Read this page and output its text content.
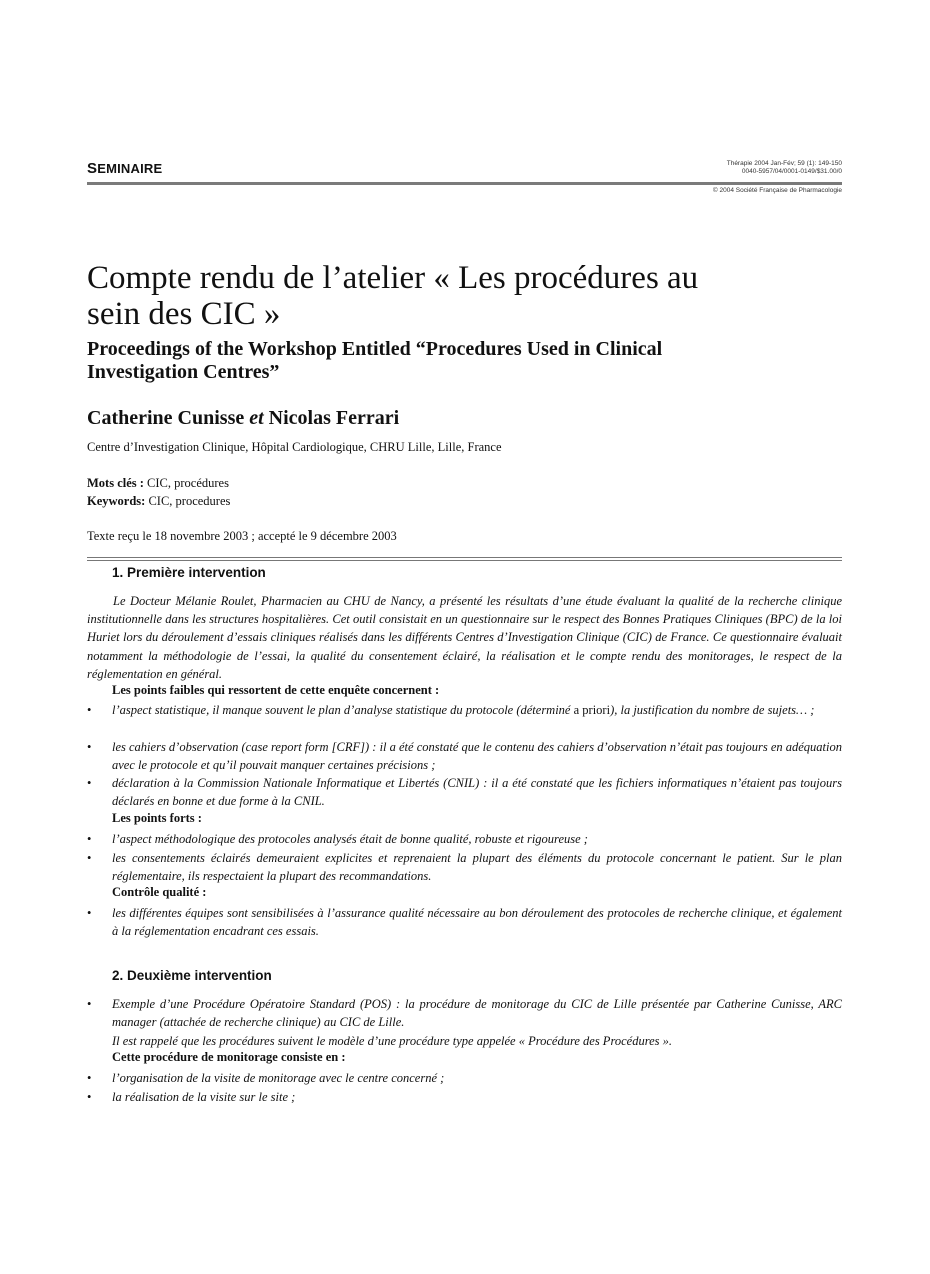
SEMINAIRE	Thérapie 2004 Jan-Fév; 59 (1): 149-150
0040-5957/04/0001-0149/$31.00/0
© 2004 Société Française de Pharmacologie
Compte rendu de l’atelier « Les procédures au
sein des CIC »
Proceedings of the Workshop Entitled “Procedures Used in Clinical
Investigation Centres”
Catherine Cunisse et Nicolas Ferrari
Centre d’Investigation Clinique, Hôpital Cardiologique, CHRU Lille, Lille, France
Mots clés : CIC, procédures
Keywords: CIC, procedures
Texte reçu le 18 novembre 2003 ; accepté le 9 décembre 2003
1. Première intervention
Le Docteur Mélanie Roulet, Pharmacien au CHU de Nancy, a présenté les résultats d’une étude évaluant la qualité de la recherche clinique institutionnelle dans les structures hospitalières. Cet outil consistait en un questionnaire sur le respect des Bonnes Pratiques Cliniques (BPC) de la loi Huriet lors du déroulement d’essais cliniques réalisés dans les différents Centres d’Investigation Clinique (CIC) de France. Ce questionnaire évaluait notamment la méthodologie de l’essai, la qualité du consentement éclairé, la réalisation et le compte rendu des monitorages, le respect de la réglementation en général.
Les points faibles qui ressortent de cette enquête concernent :
• l’aspect statistique, il manque souvent le plan d’analyse statistique du protocole (déterminé a priori), la justification du nombre de sujets… ;
• les cahiers d’observation (case report form [CRF]) : il a été constaté que le contenu des cahiers d’observation n’était pas toujours en adéquation avec le protocole et qu’il pouvait manquer certaines précisions ;
• déclaration à la Commission Nationale Informatique et Libertés (CNIL) : il a été constaté que les fichiers informatiques n’étaient pas toujours déclarés en bonne et due forme à la CNIL.
Les points forts :
• l’aspect méthodologique des protocoles analysés était de bonne qualité, robuste et rigoureuse ;
• les consentements éclairés demeuraient explicites et reprenaient la plupart des éléments du protocole concernant le patient. Sur le plan réglementaire, ils respectaient la plupart des recommandations.
Contrôle qualité :
• les différentes équipes sont sensibilisées à l’assurance qualité nécessaire au bon déroulement des protocoles de recherche clinique, et également à la réglementation encadrant ces essais.
2. Deuxième intervention
• Exemple d’une Procédure Opératoire Standard (POS) : la procédure de monitorage du CIC de Lille présentée par Catherine Cunisse, ARC manager (attachée de recherche clinique) au CIC de Lille.
Il est rappelé que les procédures suivent le modèle d’une procédure type appelée « Procédure des Procédures ».
Cette procédure de monitorage consiste en :
• l’organisation de la visite de monitorage avec le centre concerné ;
• la réalisation de la visite sur le site ;
